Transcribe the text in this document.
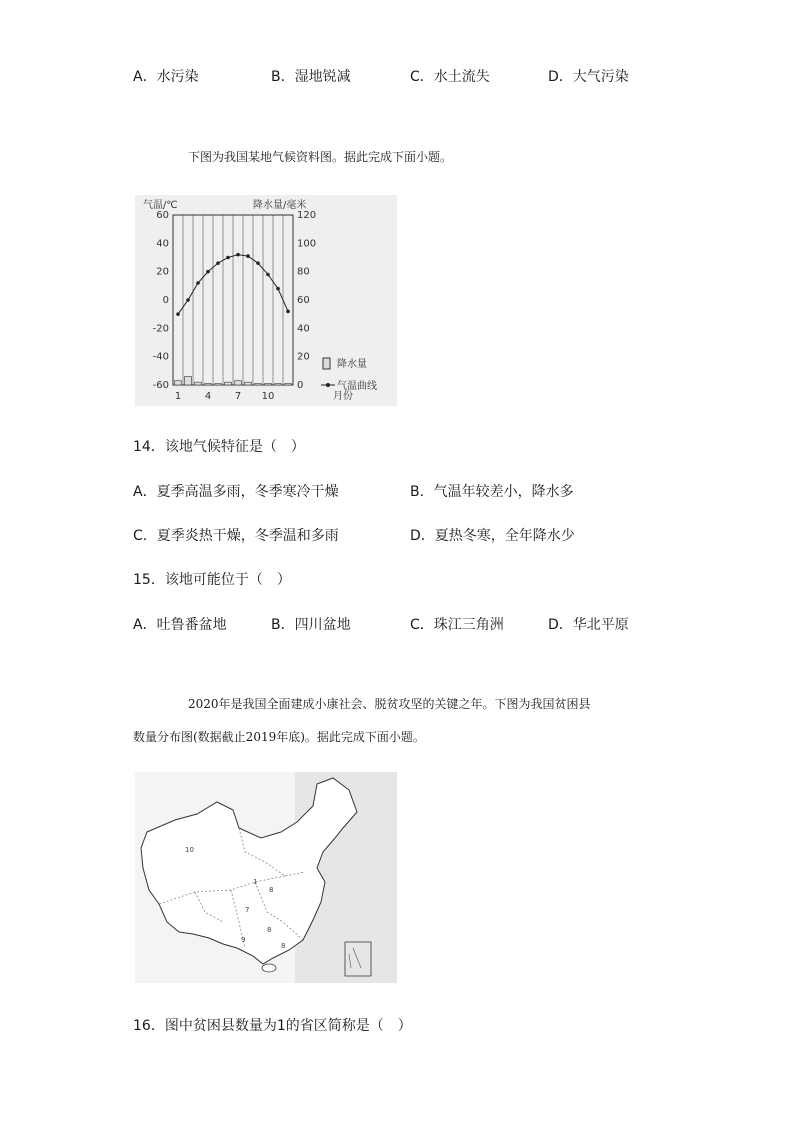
A．水污染	B．湿地锐减	C．水土流失	D．大气污染
下图为我国某地气候资料图。据此完成下面小题。
气温/℃	降水量/毫米
60
40
20
0
-20
-40
-60
120
100
80
60
40
20
0
1 4 7 10	月份
降水量
气温曲线
14．该地气候特征是（　）
A．夏季高温多雨，冬季寒冷干燥	B．气温年较差小，降水多
C．夏季炎热干燥，冬季温和多雨	D．夏热冬寒，全年降水少
15．该地可能位于（　）
A．吐鲁番盆地	B．四川盆地	C．珠江三角洲	D．华北平原
2020年是我国全面建成小康社会、脱贫攻坚的关键之年。下图为我国贫困县
数量分布图(数据截止2019年底)。据此完成下面小题。
10
1
8
7
9
8
8
16．图中贫困县数量为1的省区简称是（　）
